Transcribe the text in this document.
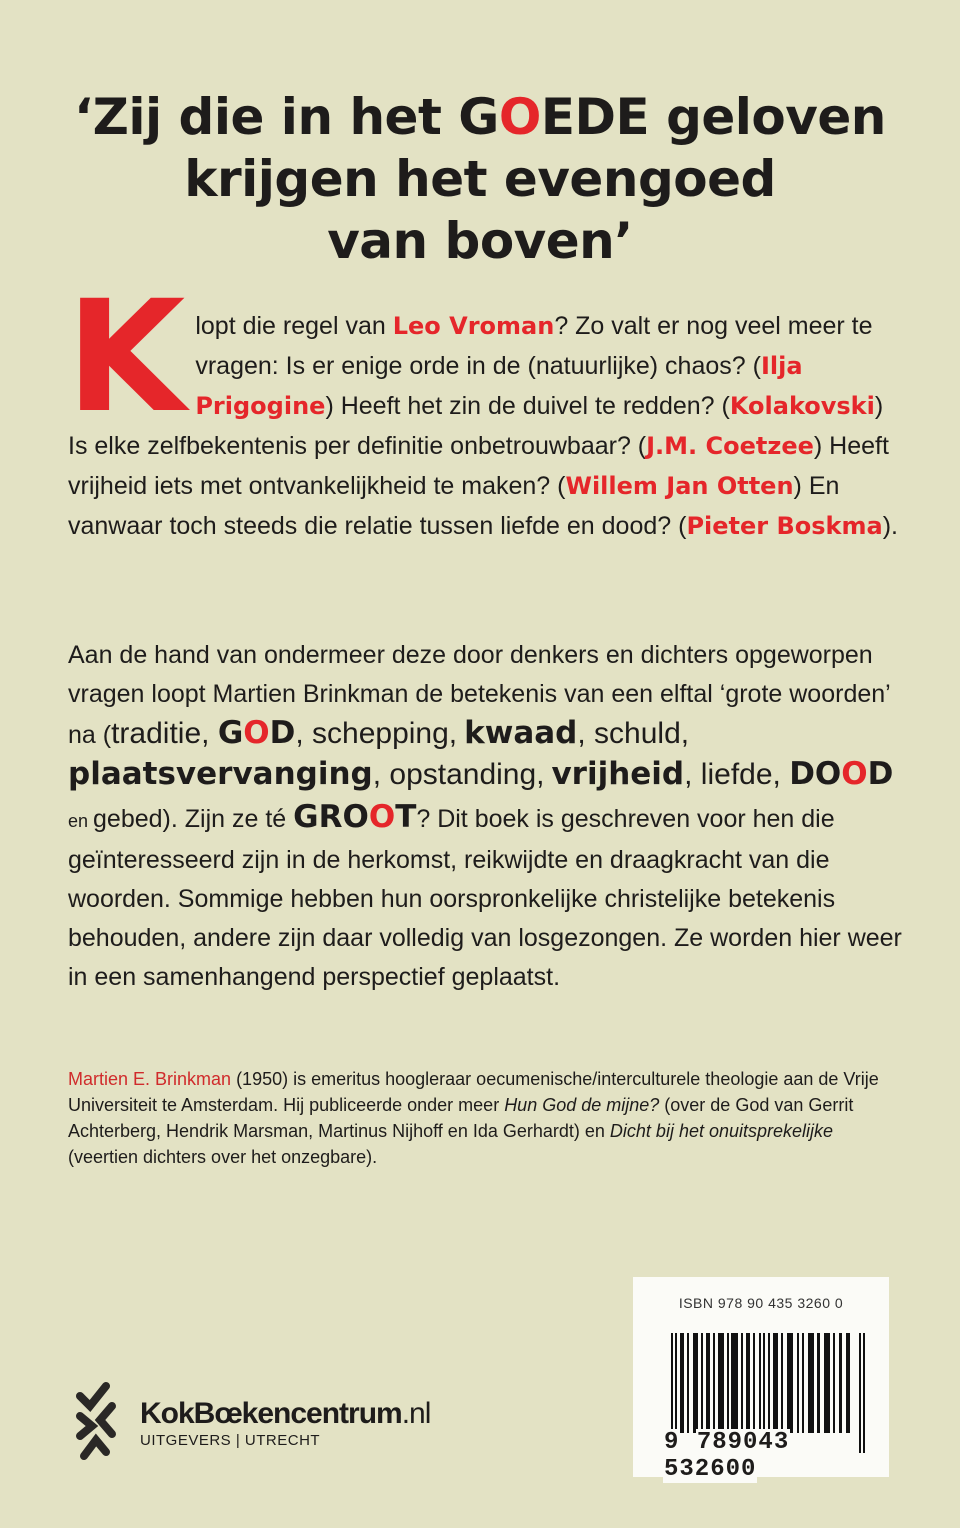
‘Zij die in het GOEDE geloven
krijgen het evengoed
van boven’
Klopt die regel van Leo Vroman? Zo valt er nog veel meer te vragen: Is er enige orde in de (natuurlijke) chaos? (Ilja Prigogine) Heeft het zin de duivel te redden? (Kolakovski) Is elke zelfbekentenis per definitie onbetrouwbaar? (J.M. Coetzee) Heeft vrijheid iets met ontvankelijkheid te maken? (Willem Jan Otten) En vanwaar toch steeds die relatie tussen liefde en dood? (Pieter Boskma).
Aan de hand van ondermeer deze door denkers en dichters opgeworpen vragen loopt Martien Brinkman de betekenis van een elftal ‘grote woorden’ na (traditie, GOD, schepping, kwaad, schuld, plaatsvervanging, opstanding, vrijheid, liefde, DOOD en gebed). Zijn ze té GROOT? Dit boek is geschreven voor hen die geïnteresseerd zijn in de herkomst, reikwijdte en draagkracht van die woorden. Sommige hebben hun oorspronkelijke christelijke betekenis behouden, andere zijn daar volledig van losgezongen. Ze worden hier weer in een samenhangend perspectief geplaatst.
Martien E. Brinkman (1950) is emeritus hoogleraar oecumenische/interculturele theologie aan de Vrije Universiteit te Amsterdam. Hij publiceerde onder meer Hun God de mijne? (over de God van Gerrit Achterberg, Hendrik Marsman, Martinus Nijhoff en Ida Gerhardt) en Dicht bij het onuitsprekelijke (veertien dichters over het onzegbare).
KokBœkencentrum.nl
UITGEVERS | UTRECHT
ISBN 978 90 435 3260 0
9 789043 532600
